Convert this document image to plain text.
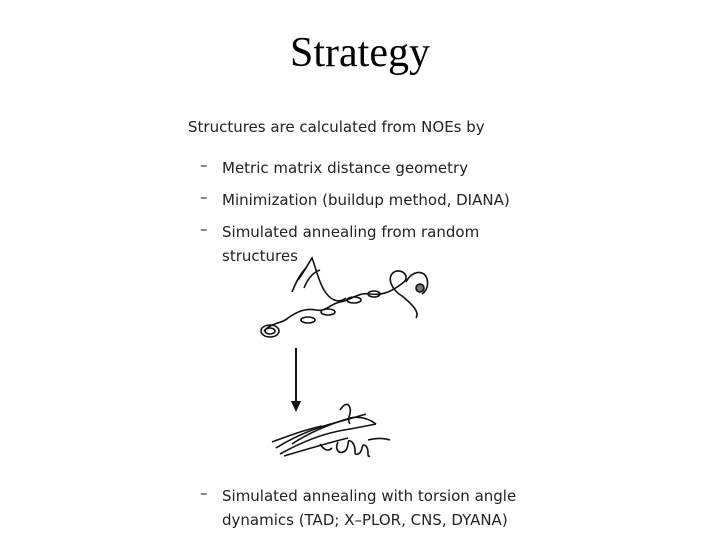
Strategy
Structures are calculated from NOEs by
– Metric matrix distance geometry
– Minimization (buildup method, DIANA)
– Simulated annealing from random
structures
– Simulated annealing with torsion angle
dynamics (TAD; X–PLOR, CNS, DYANA)
